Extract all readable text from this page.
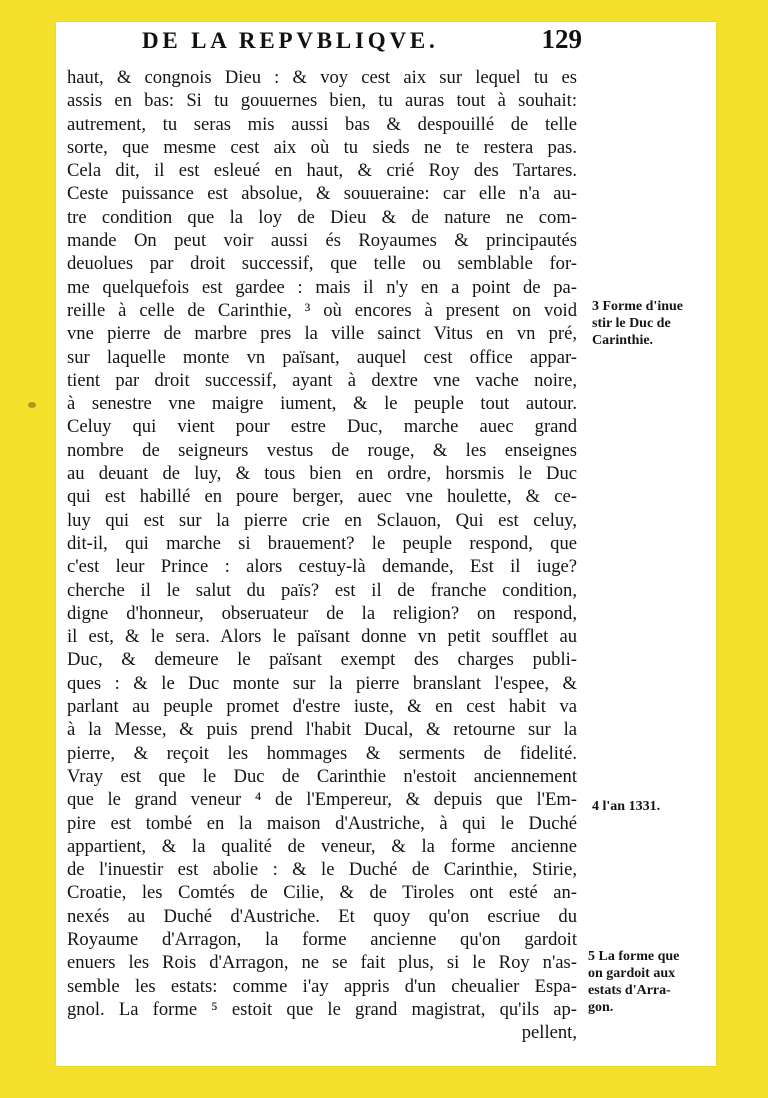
DE LA REPVBLIQVE.	129
haut, & congnois Dieu : & voy cest aix sur lequel tu es
assis en bas: Si tu gouuernes bien, tu auras tout à souhait:
autrement, tu seras mis aussi bas & despouillé de telle
sorte, que mesme cest aix où tu sieds ne te restera pas.
Cela dit, il est esleué en haut, & crié Roy des Tartares.
Ceste puissance est absolue, & souueraine: car elle n'a au-
tre condition que la loy de Dieu & de nature ne com-
mande On peut voir aussi és Royaumes & principautés
deuolues par droit successif, que telle ou semblable for-
me quelquefois est gardee : mais il n'y en a point de pa-
reille à celle de Carinthie, ³ où encores à present on void
vne pierre de marbre pres la ville sainct Vitus en vn pré,
sur laquelle monte vn païsant, auquel cest office appar-
tient par droit successif, ayant à dextre vne vache noire,
à senestre vne maigre iument, & le peuple tout autour.
Celuy qui vient pour estre Duc, marche auec grand
nombre de seigneurs vestus de rouge, & les enseignes
au deuant de luy, & tous bien en ordre, horsmis le Duc
qui est habillé en poure berger, auec vne houlette, & ce-
luy qui est sur la pierre crie en Sclauon, Qui est celuy,
dit-il, qui marche si brauement? le peuple respond, que
c'est leur Prince : alors cestuy-là demande, Est il iuge?
cherche il le salut du païs? est il de franche condition,
digne d'honneur, obseruateur de la religion? on respond,
il est, & le sera. Alors le païsant donne vn petit soufflet au
Duc, & demeure le païsant exempt des charges publi-
ques : & le Duc monte sur la pierre branslant l'espee, &
parlant au peuple promet d'estre iuste, & en cest habit va
à la Messe, & puis prend l'habit Ducal, & retourne sur la
pierre, & reçoit les hommages & serments de fidelité.
Vray est que le Duc de Carinthie n'estoit anciennement
que le grand veneur ⁴ de l'Empereur, & depuis que l'Em-
pire est tombé en la maison d'Austriche, à qui le Duché
appartient, & la qualité de veneur, & la forme ancienne
de l'inuestir est abolie : & le Duché de Carinthie, Stirie,
Croatie, les Comtés de Cilie, & de Tiroles ont esté an-
nexés au Duché d'Austriche. Et quoy qu'on escriue du
Royaume d'Arragon, la forme ancienne qu'on gardoit
enuers les Rois d'Arragon, ne se fait plus, si le Roy n'as-
semble les estats: comme i'ay appris d'un cheualier Espa-
gnol. La forme ⁵ estoit que le grand magistrat, qu'ils ap-
pellent,
3 Forme d'inue
stir le Duc de
Carinthie.
4 l'an 1331.
5 La forme que
on gardoit aux
estats d'Arra-
gon.
